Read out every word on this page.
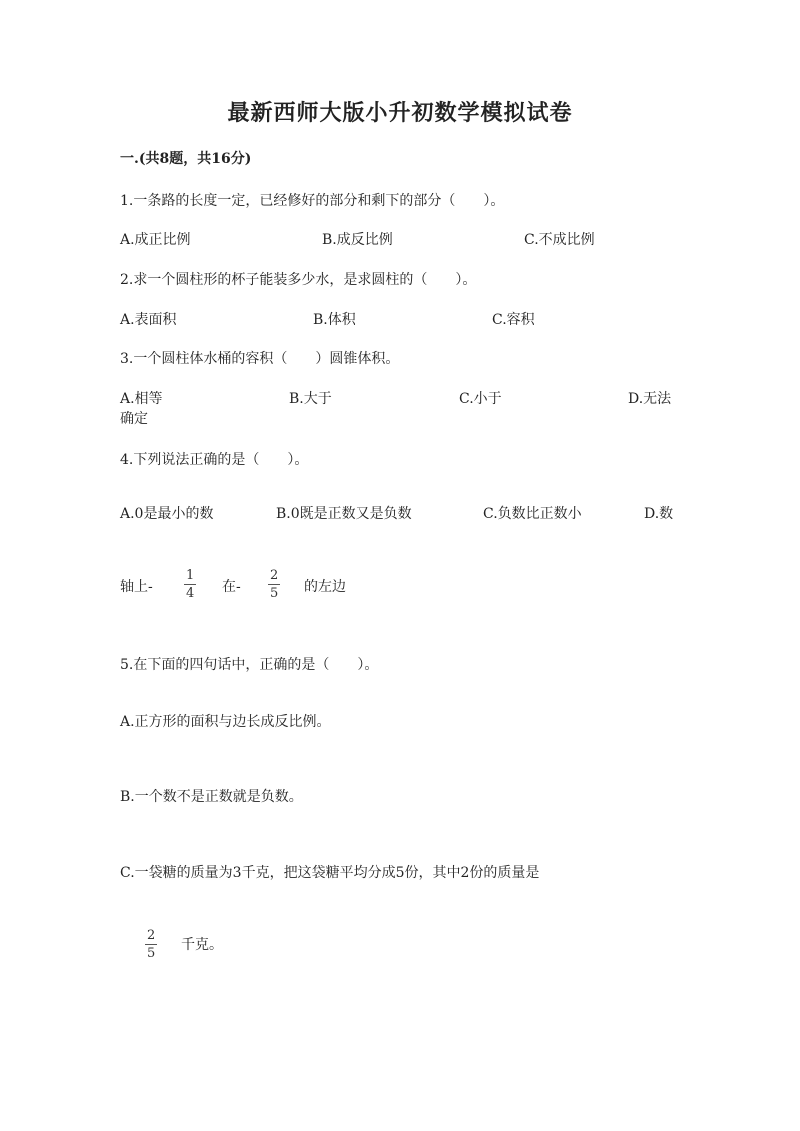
最新西师大版小升初数学模拟试卷
一.(共8题，共16分)
1.一条路的长度一定，已经修好的部分和剩下的部分（　　）。
A.成正比例	B.成反比例	C.不成比例
2.求一个圆柱形的杯子能装多少水，是求圆柱的（　　）。
A.表面积	B.体积	C.容积
3.一个圆柱体水桶的容积（　　）圆锥体积。
A.相等	B.大于	C.小于	D.无法
确定
4.下列说法正确的是（　　）。
A.0是最小的数	B.0既是正数又是负数	C.负数比正数小	D.数
轴上- $\frac{1}{4}$ 在- $\frac{2}{5}$ 的左边
5.在下面的四句话中，正确的是（　　）。
A.正方形的面积与边长成反比例。
B.一个数不是正数就是负数。
C.一袋糖的质量为3千克，把这袋糖平均分成5份，其中2份的质量是
$\frac{2}{5}$ 千克。
